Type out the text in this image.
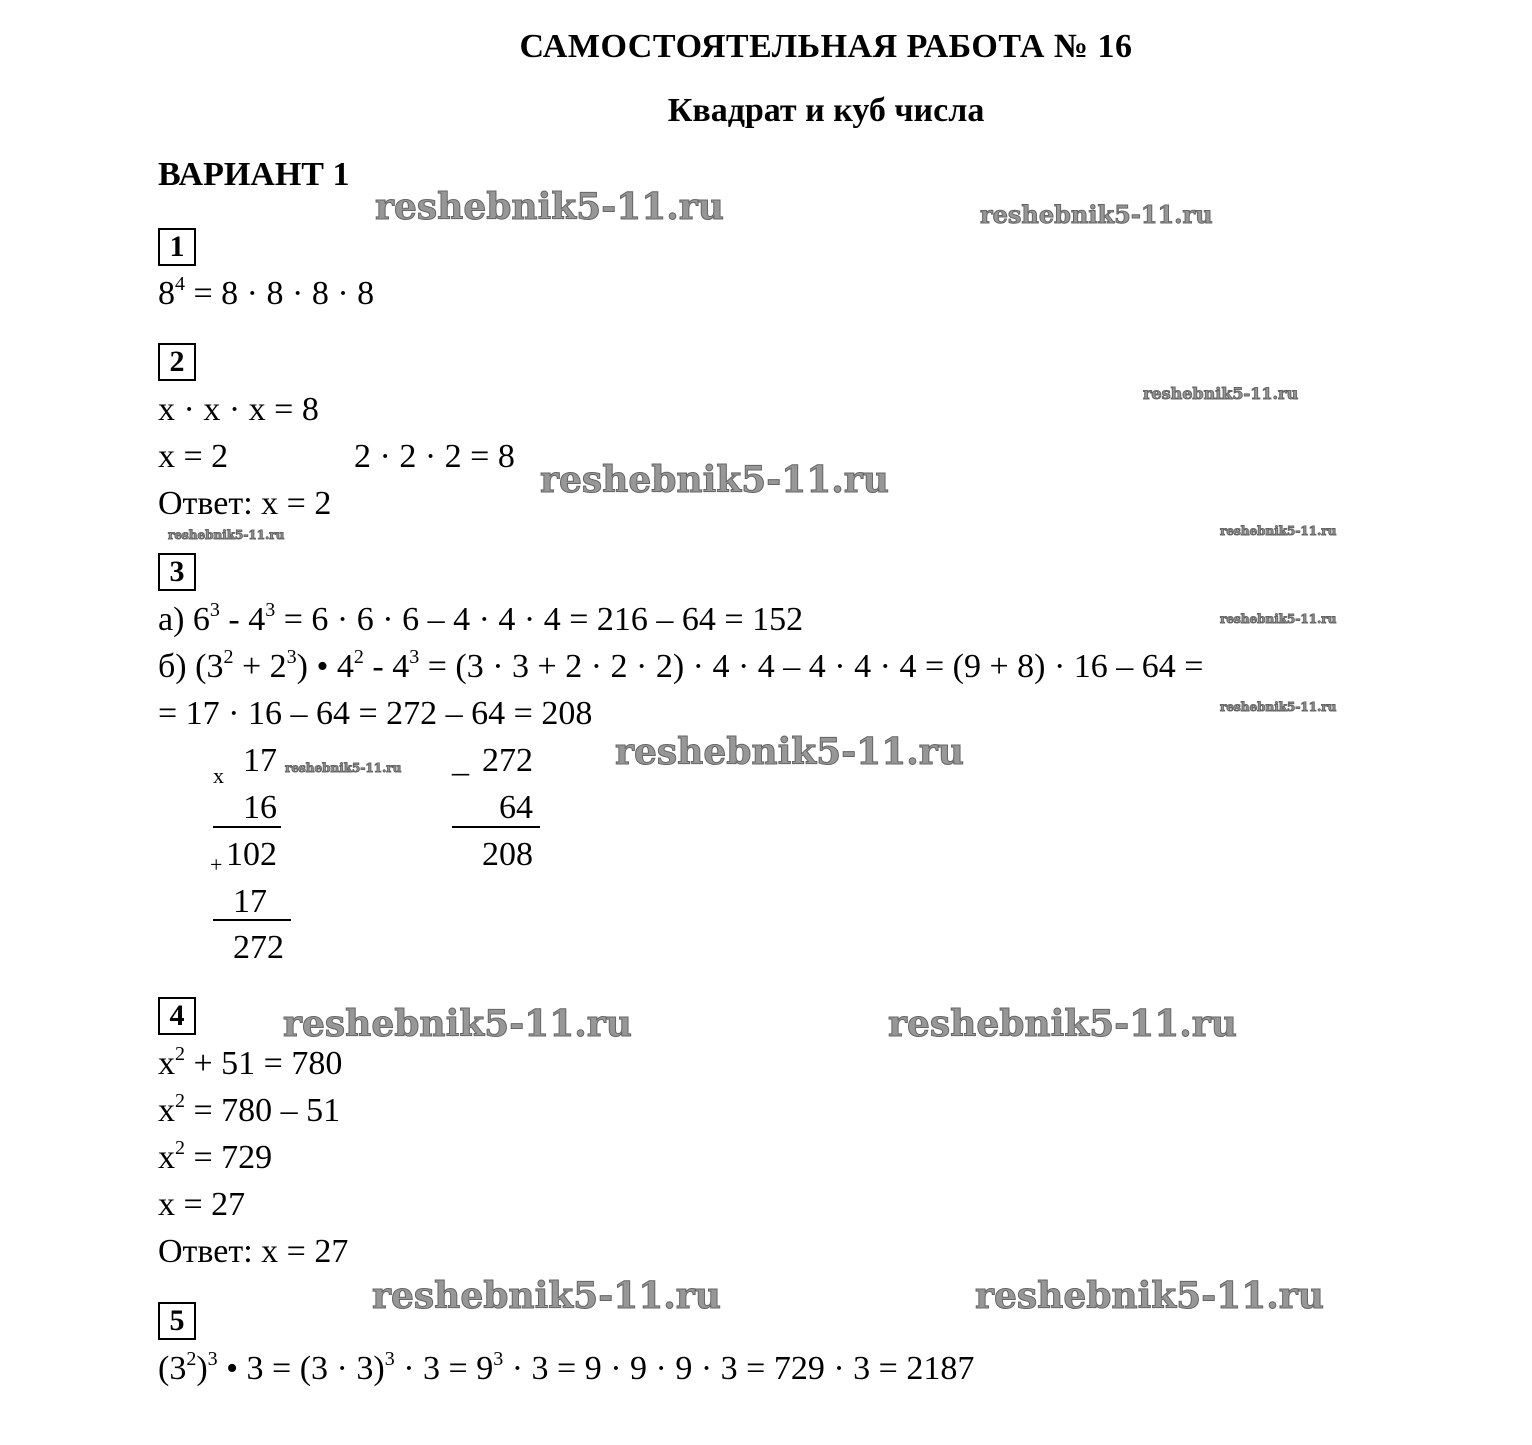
САМОСТОЯТЕЛЬНАЯ РАБОТА № 16
Квадрат и куб числа
ВАРИАНТ 1
1
$8^4 = 8 \cdot 8 \cdot 8 \cdot 8$
2
x · x · x = 8
x = 2	2 · 2 · 2 = 8
Ответ: x = 2
3
а) $6^3 - 4^3 = 6 \cdot 6 \cdot 6 - 4 \cdot 4 \cdot 4 = 216 - 64 = 152$
б) $(3^2 + 2^3)$ • $4^2 - 4^3 = (3 \cdot 3 + 2 \cdot 2 \cdot 2) \cdot 4 \cdot 4 - 4 \cdot 4 \cdot 4 = (9 + 8) \cdot 16 - 64$ =
= 17 · 16 – 64 = 272 – 64 = 208
x 17
16
+ 102
17
272
_ 272
64
208
4
$x^2 + 51 = 780$
$x^2 = 780 - 51$
$x^2 = 729$
x = 27
Ответ: x = 27
5
$(3^2)^3$ • $3 = (3 \cdot 3)^3 \cdot 3 = 9^3 \cdot 3 = 9 \cdot 9 \cdot 9 \cdot 3 = 729 \cdot 3 = 2187$
reshebnik5-11.ru	reshebnik5-11.ru
reshebnik5-11.ru
reshebnik5-11.ru
reshebnik5-11.ru	reshebnik5-11.ru
reshebnik5-11.ru
reshebnik5-11.ru
reshebnik5-11.ru	reshebnik5-11.ru
reshebnik5-11.ru	reshebnik5-11.ru
reshebnik5-11.ru	reshebnik5-11.ru
